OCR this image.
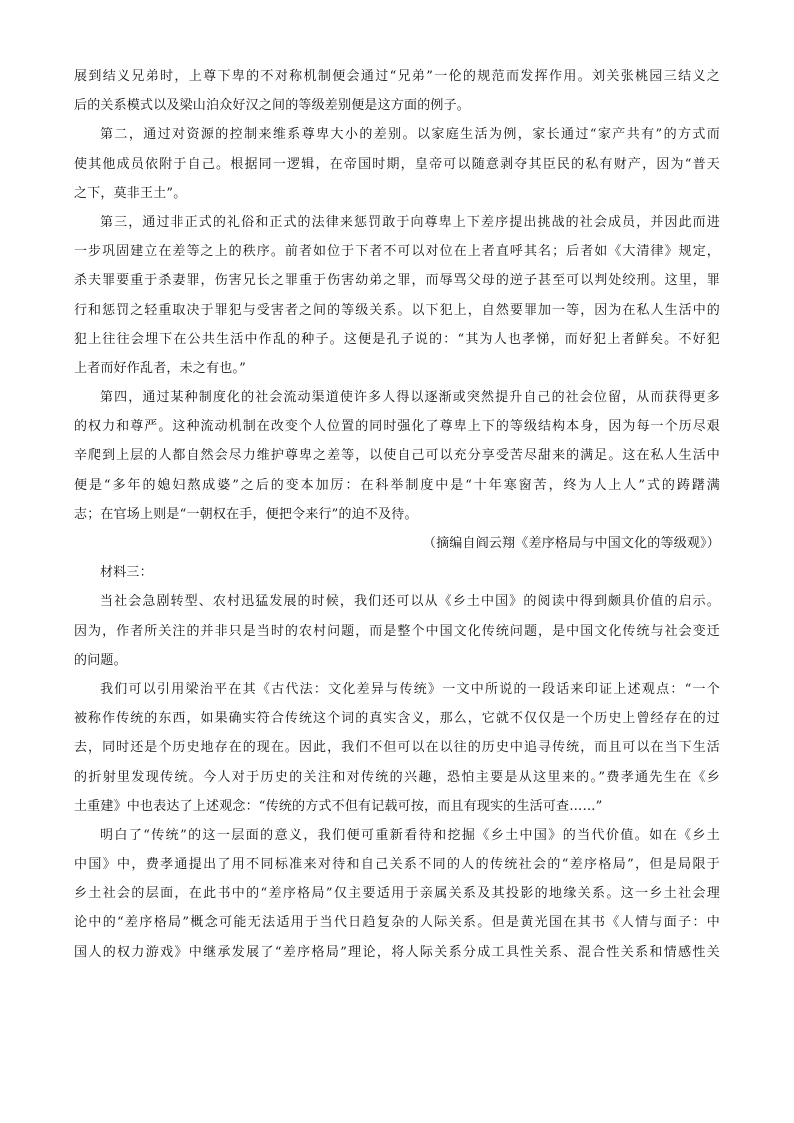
展到结义兄弟时，上尊下卑的不对称机制便会通过“兄弟”一伦的规范而发挥作用。刘关张桃园三结义之
后的关系模式以及梁山泊众好汉之间的等级差别便是这方面的例子。
第二，通过对资源的控制来维系尊卑大小的差别。以家庭生活为例，家长通过“家产共有”的方式而
使其他成员依附于自己。根据同一逻辑，在帝国时期，皇帝可以随意剥夺其臣民的私有财产，因为“普天
之下，莫非王土”。
第三，通过非正式的礼俗和正式的法律来惩罚敢于向尊卑上下差序提出挑战的社会成员，并因此而进
一步巩固建立在差等之上的秩序。前者如位于下者不可以对位在上者直呼其名；后者如《大清律》规定，
杀夫罪要重于杀妻罪，伤害兄长之罪重于伤害幼弟之罪，而辱骂父母的逆子甚至可以判处绞刑。这里，罪
行和惩罚之轻重取决于罪犯与受害者之间的等级关系。以下犯上，自然要罪加一等，因为在私人生活中的
犯上往往会埋下在公共生活中作乱的种子。这便是孔子说的：“其为人也孝悌，而好犯上者鲜矣。不好犯
上者而好作乱者，未之有也。”
第四，通过某种制度化的社会流动渠道使许多人得以逐渐或突然提升自己的社会位留，从而获得更多
的权力和尊严。这种流动机制在改变个人位置的同时强化了尊卑上下的等级结构本身，因为每一个历尽艰
辛爬到上层的人都自然会尽力维护尊卑之差等，以使自己可以充分享受苦尽甜来的满足。这在私人生活中
便是“多年的媳妇熬成婆”之后的变本加厉：在科举制度中是“十年寒窗苦，终为人上人”式的踌躇满
志；在官场上则是“一朝权在手，便把令来行”的迫不及待。
（摘编自阎云翔《差序格局与中国文化的等级观》）
材料三：
当社会急剧转型、农村迅猛发展的时候，我们还可以从《乡土中国》的阅读中得到颇具价值的启示。
因为，作者所关注的并非只是当时的农村问题，而是整个中国文化传统问题，是中国文化传统与社会变迁
的问题。
我们可以引用梁治平在其《古代法：文化差异与传统》一文中所说的一段话来印证上述观点：“一个
被称作传统的东西，如果确实符合传统这个词的真实含义，那么，它就不仅仅是一个历史上曾经存在的过
去，同时还是个历史地存在的现在。因此，我们不但可以在以往的历史中追寻传统，而且可以在当下生活
的折射里发现传统。今人对于历史的关注和对传统的兴趣，恐怕主要是从这里来的。”费孝通先生在《乡
土重建》中也表达了上述观念：“传统的方式不但有记载可按，而且有现实的生活可查……”
明白了“传统”的这一层面的意义，我们便可重新看待和挖掘《乡土中国》的当代价值。如在《乡土
中国》中，费孝通提出了用不同标准来对待和自己关系不同的人的传统社会的“差序格局”，但是局限于
乡土社会的层面，在此书中的“差序格局”仅主要适用于亲属关系及其投影的地缘关系。这一乡土社会理
论中的“差序格局”概念可能无法适用于当代日趋复杂的人际关系。但是黄光国在其书《人情与面子：中
国人的权力游戏》中继承发展了“差序格局”理论，将人际关系分成工具性关系、混合性关系和情感性关
